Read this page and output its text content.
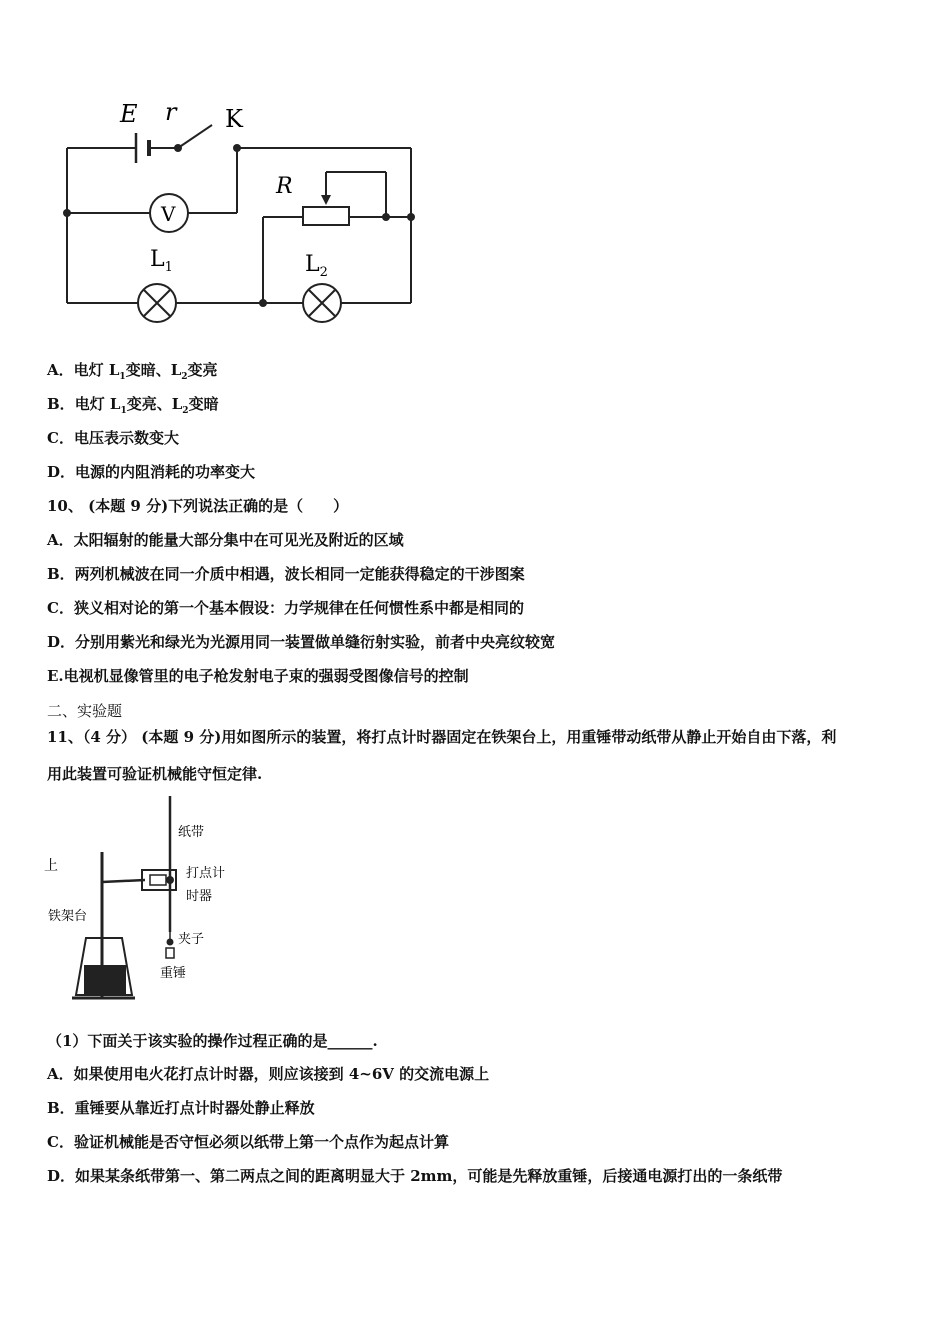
E r K
R
V
$L_1$	$L_2$
A．电灯 $L_1$变暗、$L_2$变亮
B．电灯 $L_1$变亮、$L_2$变暗
C．电压表示数变大
D．电源的内阻消耗的功率变大
10、 (本题 9 分)下列说法正确的是（　　）
A．太阳辐射的能量大部分集中在可见光及附近的区域
B．两列机械波在同一介质中相遇，波长相同一定能获得稳定的干涉图案
C．狭义相对论的第一个基本假设：力学规律在任何惯性系中都是相同的
D．分别用紫光和绿光为光源用同一装置做单缝衍射实验，前者中央亮纹较宽
E.电视机显像管里的电子枪发射电子束的强弱受图像信号的控制
二、实验题
11、（4 分） (本题 9 分)用如图所示的装置，将打点计时器固定在铁架台上，用重锤带动纸带从静止开始自由下落，利
用此装置可验证机械能守恒定律.
上
纸带
打点计
时器
铁架台
夹子
重锤
（1）下面关于该实验的操作过程正确的是______.
A．如果使用电火花打点计时器，则应该接到 4~6V 的交流电源上
B．重锤要从靠近打点计时器处静止释放
C．验证机械能是否守恒必须以纸带上第一个点作为起点计算
D．如果某条纸带第一、第二两点之间的距离明显大于 2mm，可能是先释放重锤，后接通电源打出的一条纸带
